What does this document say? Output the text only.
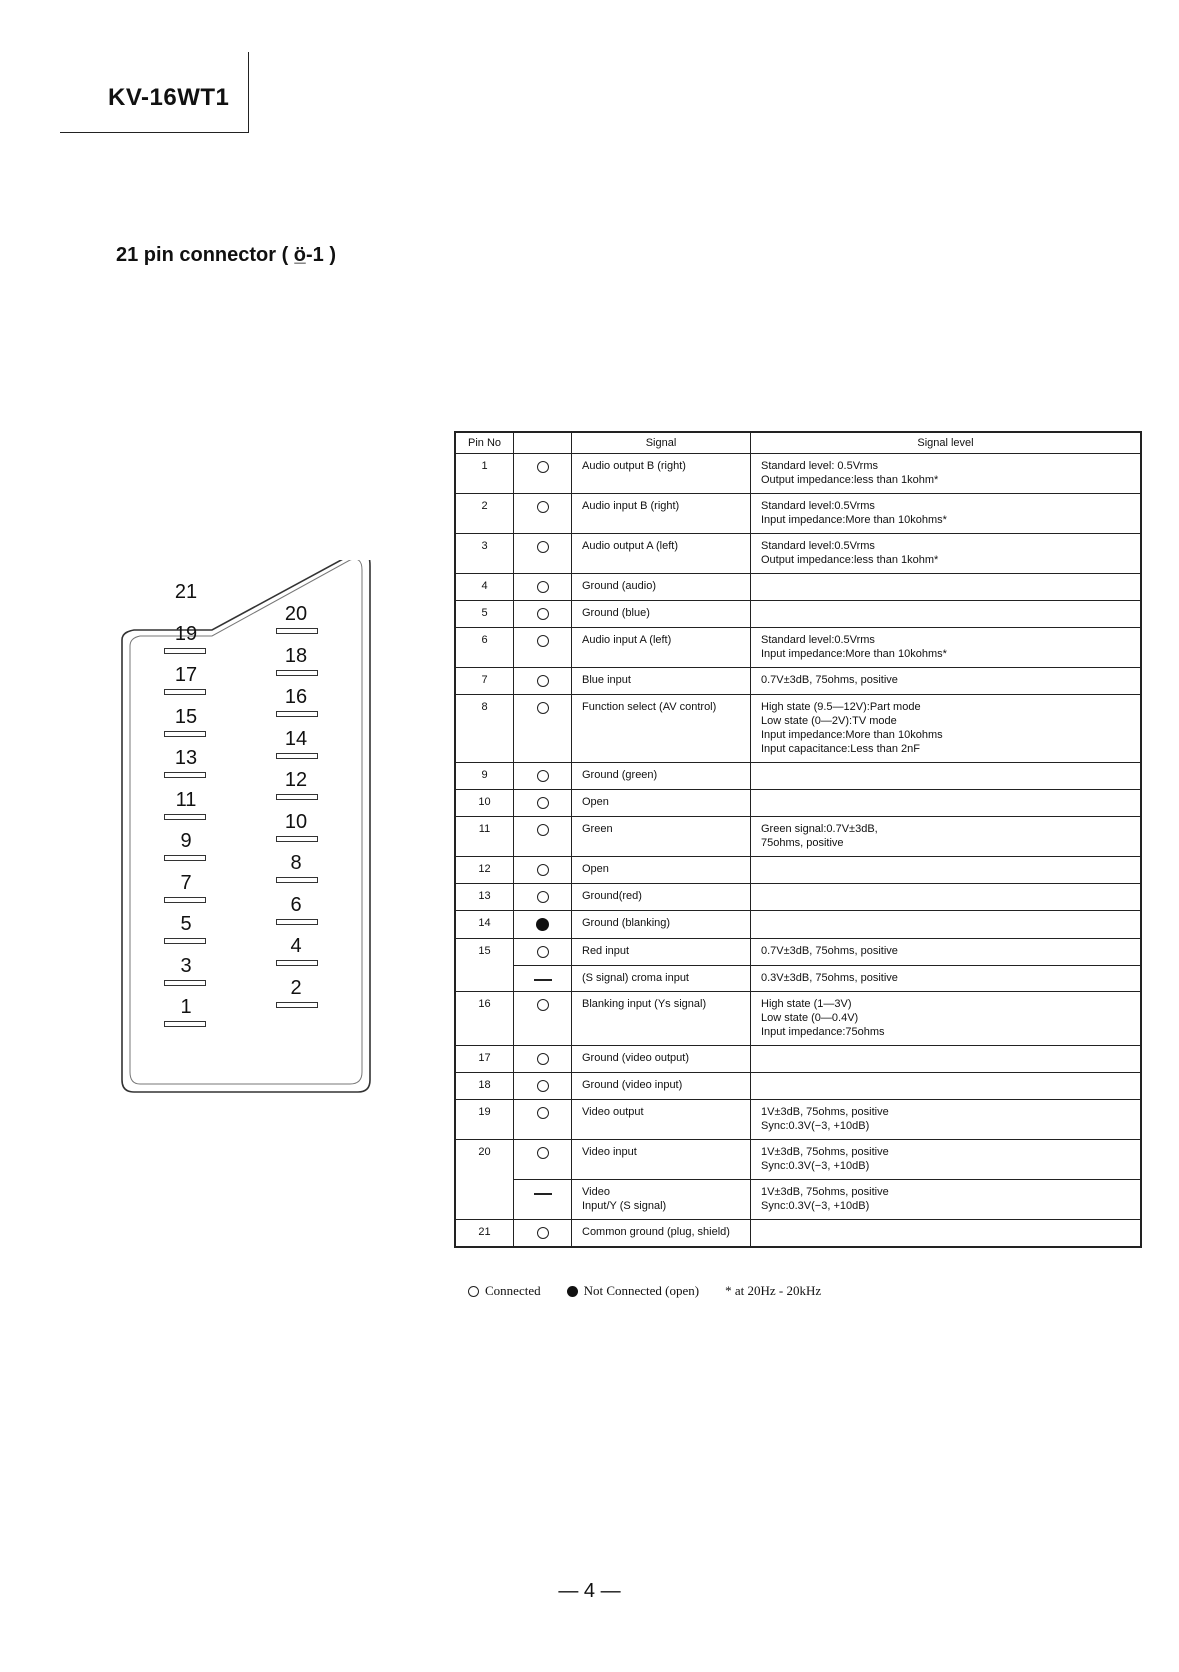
KV-16WT1
21 pin connector ( ö̲-1 )
21
19
17
15
13
11
9
7
5
3
1
20
18
16
14
12
10
8
6
4
2
Pin No		Signal	Signal level
1		Audio output B (right)	Standard level: 0.5Vrms
Output impedance:less than 1kohm*

2		Audio input B (right)	Standard level:0.5Vrms
Input impedance:More than 10kohms*

3		Audio output A (left)	Standard level:0.5Vrms
Output impedance:less than 1kohm*

4		Ground (audio)	
5		Ground (blue)	
6		Audio input A (left)	Standard level:0.5Vrms
Input impedance:More than 10kohms*

7		Blue input	0.7V±3dB, 75ohms, positive

8		Function select (AV control)	High state (9.5—12V):Part mode
Low state (0—2V):TV mode
Input impedance:More than 10kohms
Input capacitance:Less than 2nF

9		Ground (green)	
10		Open	
11		Green	Green signal:0.7V±3dB,
75ohms, positive

12		Open	
13		Ground(red)	
14		Ground (blanking)	
15		Red input	0.7V±3dB, 75ohms, positive

		(S signal) croma input	0.3V±3dB, 75ohms, positive

16		Blanking input (Ys signal)	High state (1—3V)
Low state (0—0.4V)
Input impedance:75ohms

17		Ground (video output)	
18		Ground (video input)	
19		Video output	1V±3dB, 75ohms, positive
Sync:0.3V(−3, +10dB)

20		Video input	1V±3dB, 75ohms, positive
Sync:0.3V(−3, +10dB)

		Video
Input/Y (S signal)	1V±3dB, 75ohms, positive
Sync:0.3V(−3, +10dB)

21		Common ground (plug, shield)	
Connected	Not Connected (open) * at 20Hz - 20kHz
— 4 —
